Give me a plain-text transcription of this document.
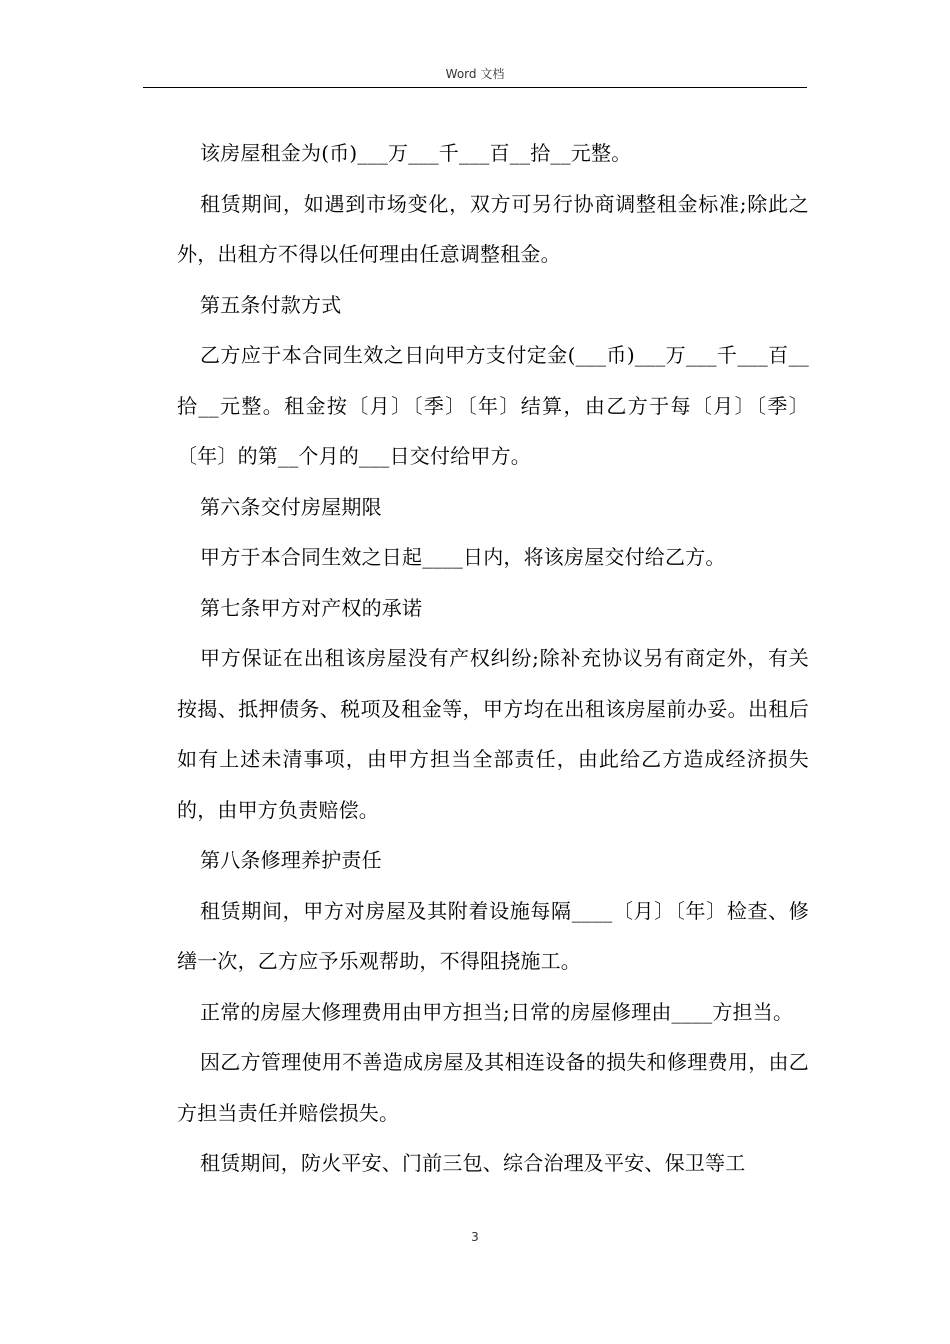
Word 文档

该房屋租金为(币)___万___千___百__拾__元整。

租赁期间，如遇到市场变化，双方可另行协商调整租金标准;除此之外，出租方不得以任何理由任意调整租金。

第五条付款方式

乙方应于本合同生效之日向甲方支付定金(___币)___万___千___百__拾__元整。租金按〔月〕〔季〕〔年〕结算，由乙方于每〔月〕〔季〕〔年〕的第__个月的___日交付给甲方。

第六条交付房屋期限

甲方于本合同生效之日起____日内，将该房屋交付给乙方。

第七条甲方对产权的承诺

甲方保证在出租该房屋没有产权纠纷;除补充协议另有商定外，有关按揭、抵押债务、税项及租金等，甲方均在出租该房屋前办妥。出租后如有上述未清事项，由甲方担当全部责任，由此给乙方造成经济损失的，由甲方负责赔偿。

第八条修理养护责任

租赁期间，甲方对房屋及其附着设施每隔____〔月〕〔年〕检查、修缮一次，乙方应予乐观帮助，不得阻挠施工。

正常的房屋大修理费用由甲方担当;日常的房屋修理由____方担当。

因乙方管理使用不善造成房屋及其相连设备的损失和修理费用，由乙方担当责任并赔偿损失。

租赁期间，防火平安、门前三包、综合治理及平安、保卫等工

3
